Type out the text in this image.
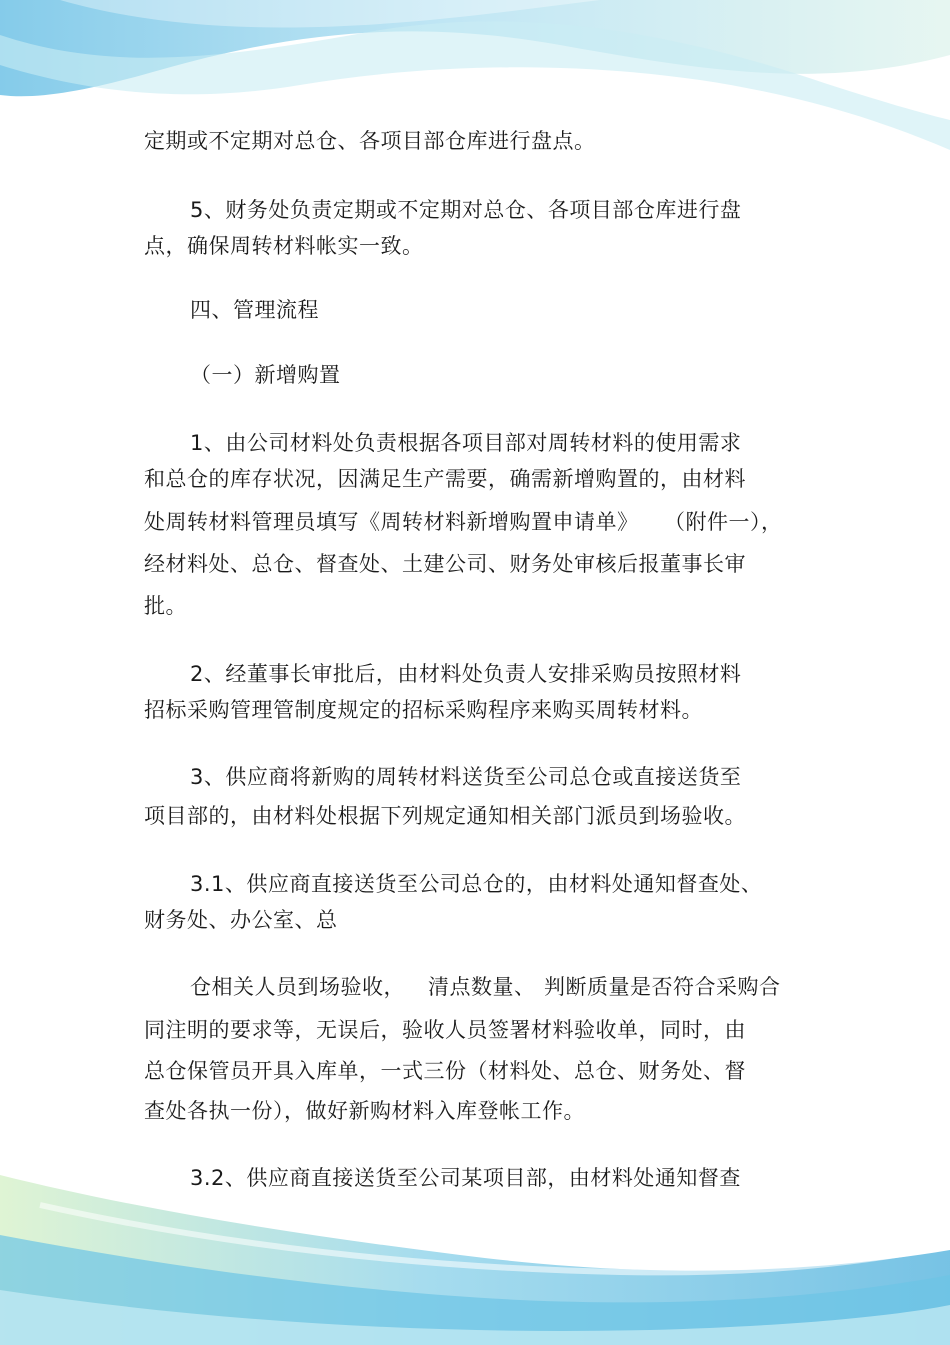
定期或不定期对总仓、各项目部仓库进行盘点。

5、财务处负责定期或不定期对总仓、各项目部仓库进行盘

点，确保周转材料帐实一致。

四、管理流程

（一）新增购置

1、由公司材料处负责根据各项目部对周转材料的使用需求

和总仓的库存状况，因满足生产需要，确需新增购置的，由材料

处周转材料管理员填写《周转材料新增购置申请单》 （附件一），

经材料处、总仓、督查处、土建公司、财务处审核后报董事长审

批。

2、经董事长审批后，由材料处负责人安排采购员按照材料

招标采购管理管制度规定的招标采购程序来购买周转材料。

3、供应商将新购的周转材料送货至公司总仓或直接送货至

项目部的，由材料处根据下列规定通知相关部门派员到场验收。

3.1、供应商直接送货至公司总仓的，由材料处通知督查处、

财务处、办公室、总

仓相关人员到场验收， 清点数量、 判断质量是否符合采购合

同注明的要求等，无误后，验收人员签署材料验收单，同时，由

总仓保管员开具入库单，一式三份（材料处、总仓、财务处、督

查处各执一份），做好新购材料入库登帐工作。

3.2、供应商直接送货至公司某项目部，由材料处通知督查
